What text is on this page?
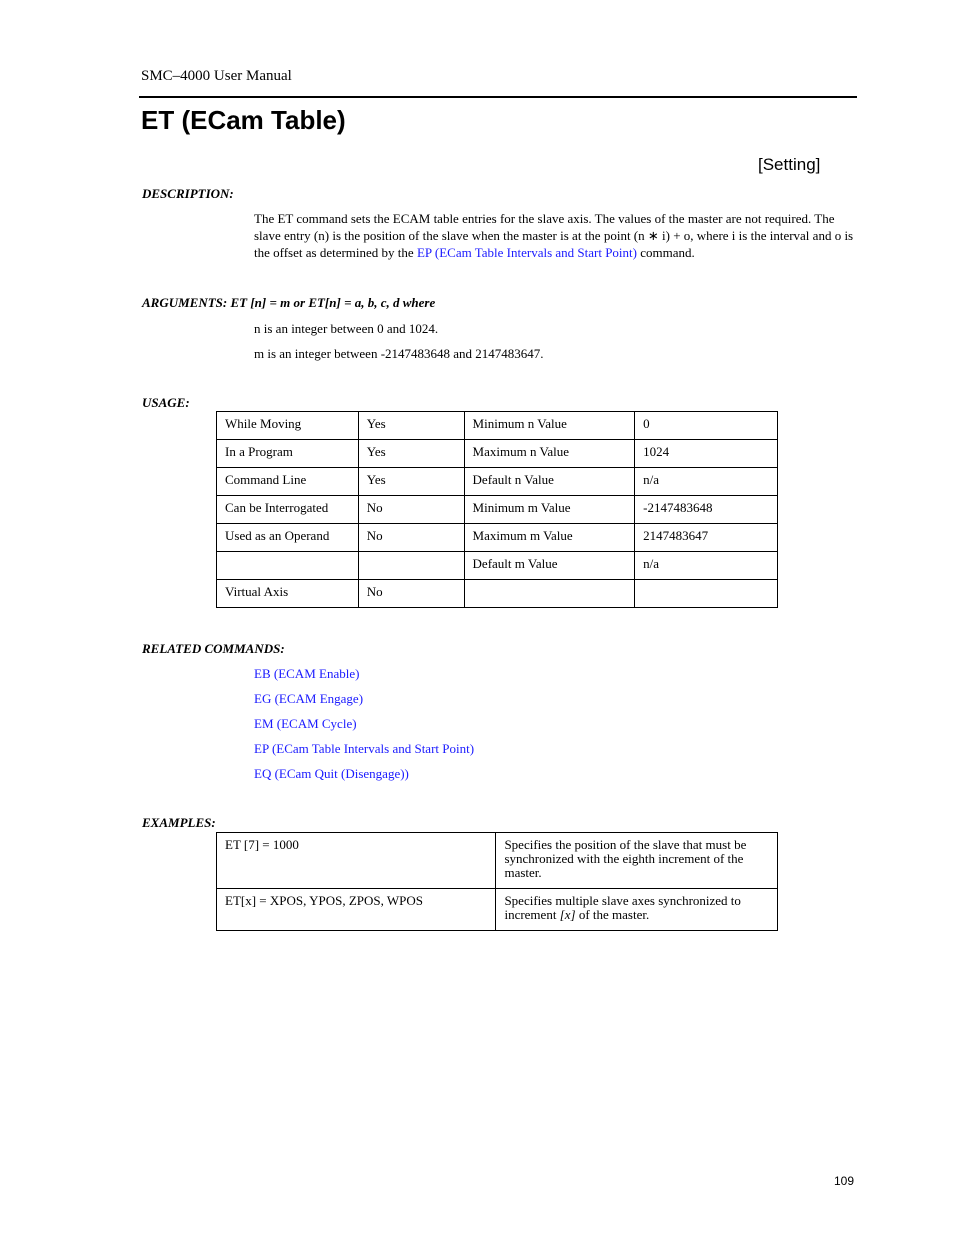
SMC–4000 User Manual
ET (ECam Table)
[Setting]
DESCRIPTION:
The ET command sets the ECAM table entries for the slave axis. The values of the master are not required. The slave entry (n) is the position of the slave when the master is at the point (n ∗ i) + o, where i is the interval and o is the offset as determined by the EP (ECam Table Intervals and Start Point) command.
ARGUMENTS: ET [n] = m or ET[n] = a, b, c, d where
n is an integer between 0 and 1024.
m is an integer between -2147483648 and 2147483647.
USAGE:
While Moving	Yes	Minimum n Value	0
In a Program	Yes	Maximum n Value	1024
Command Line	Yes	Default n Value	n/a
Can be Interrogated	No	Minimum m Value	-2147483648
Used as an Operand	No	Maximum m Value	2147483647
		Default m Value	n/a
Virtual Axis	No		
RELATED COMMANDS:
EB (ECAM Enable)
EG (ECAM Engage)
EM (ECAM Cycle)
EP (ECam Table Intervals and Start Point)
EQ (ECam Quit (Disengage))
EXAMPLES:
ET [7] = 1000	Specifies the position of the slave that must be synchronized with the eighth increment of the master.
ET[x] = XPOS, YPOS, ZPOS, WPOS	Specifies multiple slave axes synchronized to increment [x] of the master.
109
